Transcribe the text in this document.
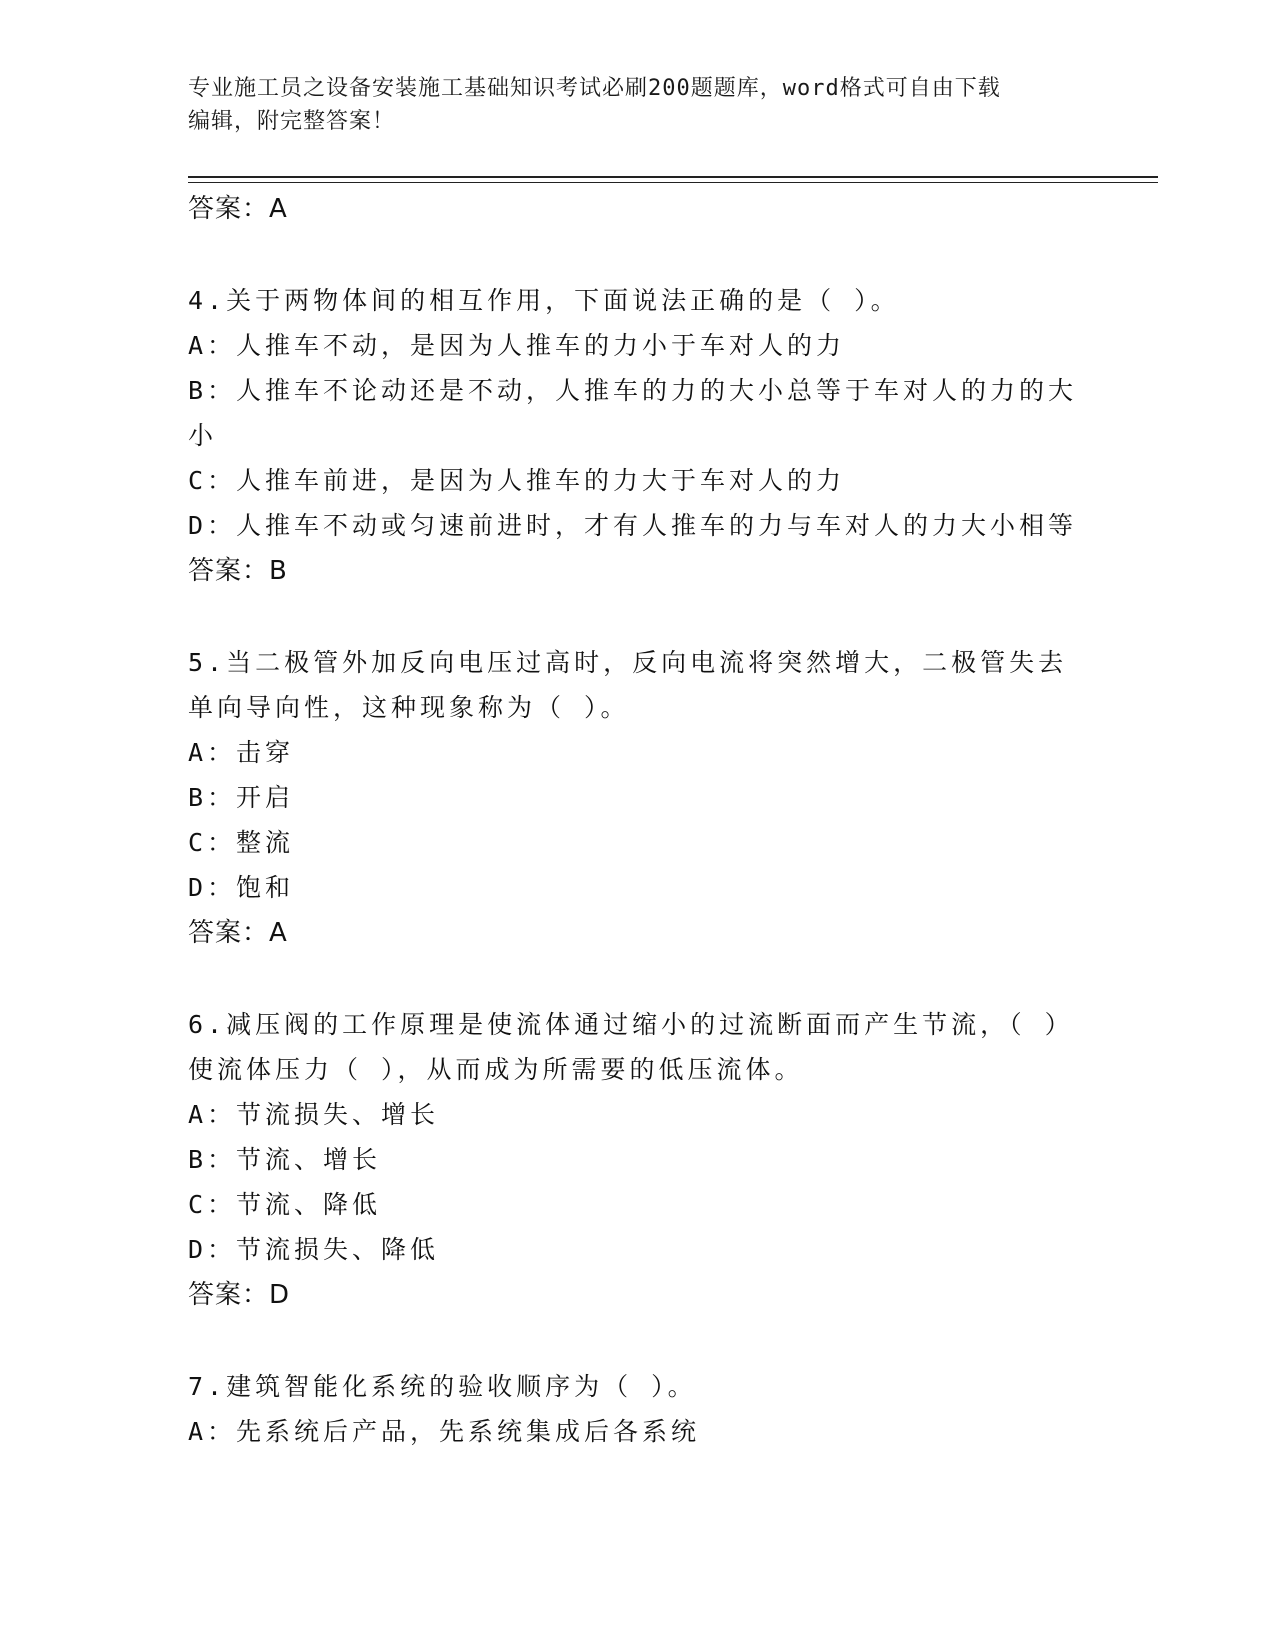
专业施工员之设备安装施工基础知识考试必刷200题题库，word格式可自由下载
编辑，附完整答案！
答案：A
4.关于两物体间的相互作用，下面说法正确的是（ ）。
A：人推车不动，是因为人推车的力小于车对人的力
B：人推车不论动还是不动，人推车的力的大小总等于车对人的力的大
小
C：人推车前进，是因为人推车的力大于车对人的力
D：人推车不动或匀速前进时，才有人推车的力与车对人的力大小相等
答案：B
5.当二极管外加反向电压过高时，反向电流将突然增大，二极管失去
单向导向性，这种现象称为（ ）。
A：击穿
B：开启
C：整流
D：饱和
答案：A
6.减压阀的工作原理是使流体通过缩小的过流断面而产生节流，（ ）
使流体压力（ ），从而成为所需要的低压流体。
A：节流损失、增长
B：节流、增长
C：节流、降低
D：节流损失、降低
答案：D
7.建筑智能化系统的验收顺序为（ ）。
A：先系统后产品，先系统集成后各系统
